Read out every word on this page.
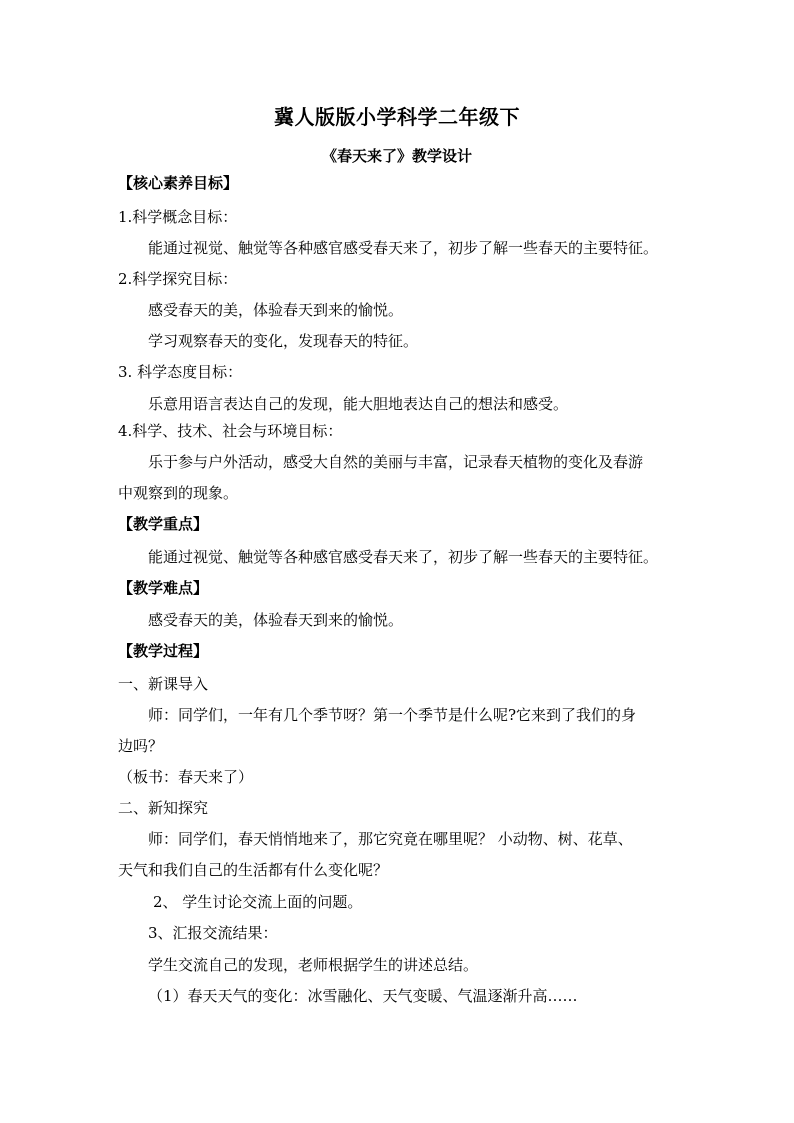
冀人版版小学科学二年级下
《春天来了》教学设计
【核心素养目标】
1.科学概念目标：
能通过视觉、触觉等各种感官感受春天来了，初步了解一些春天的主要特征。
2.科学探究目标：
感受春天的美，体验春天到来的愉悦。
学习观察春天的变化，发现春天的特征。
3. 科学态度目标：
乐意用语言表达自己的发现，能大胆地表达自己的想法和感受。
4.科学、技术、社会与环境目标：
乐于参与户外活动，感受大自然的美丽与丰富，记录春天植物的变化及春游
中观察到的现象。
【教学重点】
能通过视觉、触觉等各种感官感受春天来了，初步了解一些春天的主要特征。
【教学难点】
感受春天的美，体验春天到来的愉悦。
【教学过程】
一、新课导入
师：同学们，一年有几个季节呀？第一个季节是什么呢?它来到了我们的身
边吗？
（板书：春天来了）
二、新知探究
师：同学们，春天悄悄地来了，那它究竟在哪里呢？ 小动物、树、花草、
天气和我们自己的生活都有什么变化呢？
2、 学生讨论交流上面的问题。
3、汇报交流结果：
学生交流自己的发现，老师根据学生的讲述总结。
（1）春天天气的变化：冰雪融化、天气变暖、气温逐渐升高……
